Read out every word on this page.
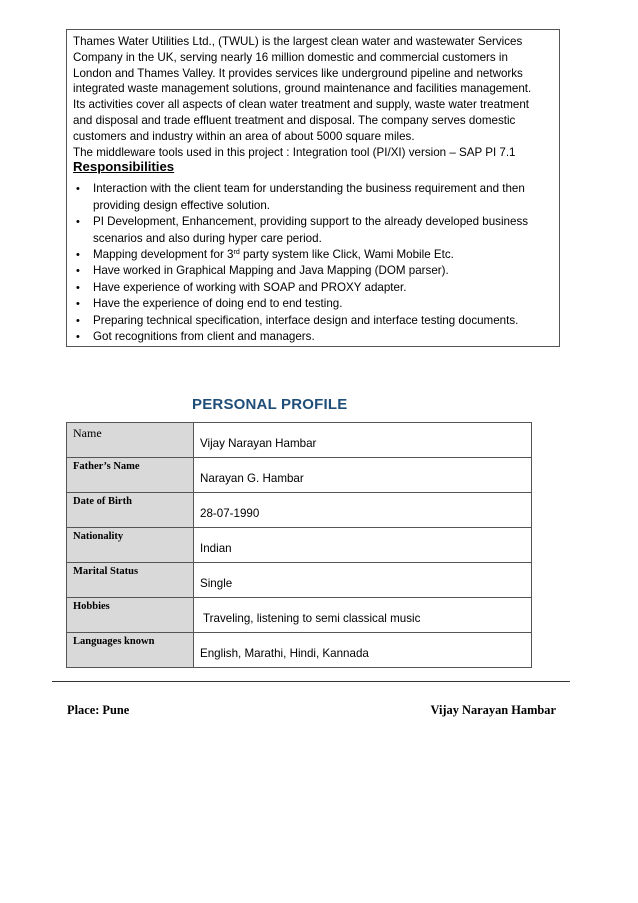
Thames Water Utilities Ltd., (TWUL) is the largest clean water and wastewater Services

Company in the UK, serving nearly 16 million domestic and commercial customers in

London and Thames Valley. It provides services like underground pipeline and networks

integrated waste management solutions, ground maintenance and facilities management.

Its activities cover all aspects of clean water treatment and supply, waste water treatment

and disposal and trade effluent treatment and disposal. The company serves domestic

customers and industry within an area of about 5000 square miles.

The middleware tools used in this project : Integration tool (PI/XI) version – SAP PI 7.1

Responsibilities
• Interaction with the client team for understanding the business requirement and then
providing design effective solution.
• PI Development, Enhancement, providing support to the already developed business
scenarios and also during hyper care period.
• Mapping development for 3rd party system like Click, Wami Mobile Etc.
• Have worked in Graphical Mapping and Java Mapping (DOM parser).
• Have experience of working with SOAP and PROXY adapter.
• Have the experience of doing end to end testing.
• Preparing technical specification, interface design and interface testing documents.
• Got recognitions from client and managers.
PERSONAL PROFILE
Name	Vijay Narayan Hambar
Father’s Name	Narayan G. Hambar
Date of Birth	28-07-1990
Nationality	Indian
Marital Status	Single
Hobbies	Traveling, listening to semi classical music
Languages known	English, Marathi, Hindi, Kannada
Place: Pune	Vijay Narayan Hambar
